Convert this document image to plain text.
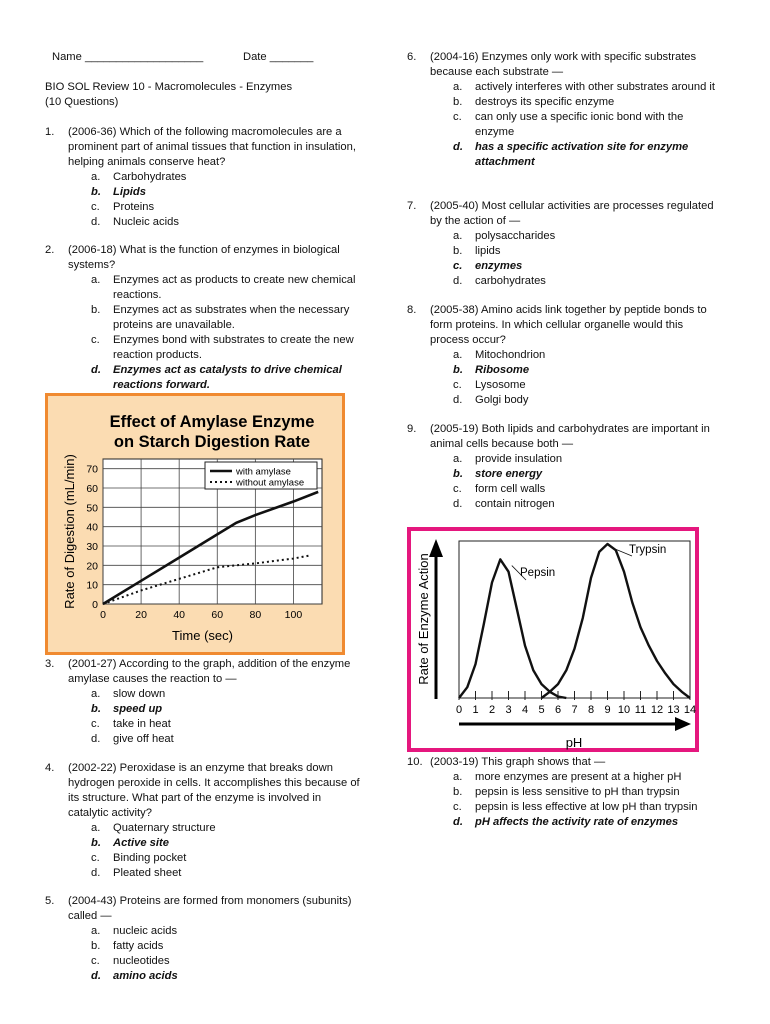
Name ___________________	Date _______
BIO SOL Review 10 - Macromolecules - Enzymes
(10 Questions)
1. (2006-36) Which of the following macromolecules are a prominent part of animal tissues that function in insulation, helping animals conserve heat?
a. Carbohydrates
b. Lipids
c. Proteins
d. Nucleic acids
2. (2006-18) What is the function of enzymes in biological systems?
a. Enzymes act as products to create new chemical reactions.
b. Enzymes act as substrates when the necessary proteins are unavailable.
c. Enzymes bond with substrates to create the new reaction products.
d. Enzymes act as catalysts to drive chemical reactions forward.
3. (2001-27) According to the graph, addition of the enzyme amylase causes the reaction to —
a. slow down
b. speed up
c. take in heat
d. give off heat
4. (2002-22) Peroxidase is an enzyme that breaks down hydrogen peroxide in cells. It accomplishes this because of its structure. What part of the enzyme is involved in catalytic activity?
a. Quaternary structure
b. Active site
c. Binding pocket
d. Pleated sheet
5. (2004-43) Proteins are formed from monomers (subunits) called —
a. nucleic acids
b. fatty acids
c. nucleotides
d. amino acids
6. (2004-16) Enzymes only work with specific substrates because each substrate —
a. actively interferes with other substrates around it
b. destroys its specific enzyme
c. can only use a specific ionic bond with the enzyme
d. has a specific activation site for enzyme attachment
7. (2005-40) Most cellular activities are processes regulated by the action of —
a. polysaccharides
b. lipids
c. enzymes
d. carbohydrates
8. (2005-38) Amino acids link together by peptide bonds to form proteins. In which cellular organelle would this process occur?
a. Mitochondrion
b. Ribosome
c. Lysosome
d. Golgi body
9. (2005-19) Both lipids and carbohydrates are important in animal cells because both —
a. provide insulation
b. store energy
c. form cell walls
d. contain nitrogen
10. (2003-19) This graph shows that —
a. more enzymes are present at a higher pH
b. pepsin is less sensitive to pH than trypsin
c. pepsin is less effective at low pH than trypsin
d. pH affects the activity rate of enzymes
Effect of Amylase Enzyme
on Starch Digestion Rate
0
10
20
30
40
50
60
70
0	20	40	60	80 100
Time (sec)
Rate of Digestion (mL/min)	with amylase
without amylase
Rate of Enzyme Action
0 1 2 3 4 5 6 7 8 9 10 11 12 13 14
pH
Pepsin
Trypsin
